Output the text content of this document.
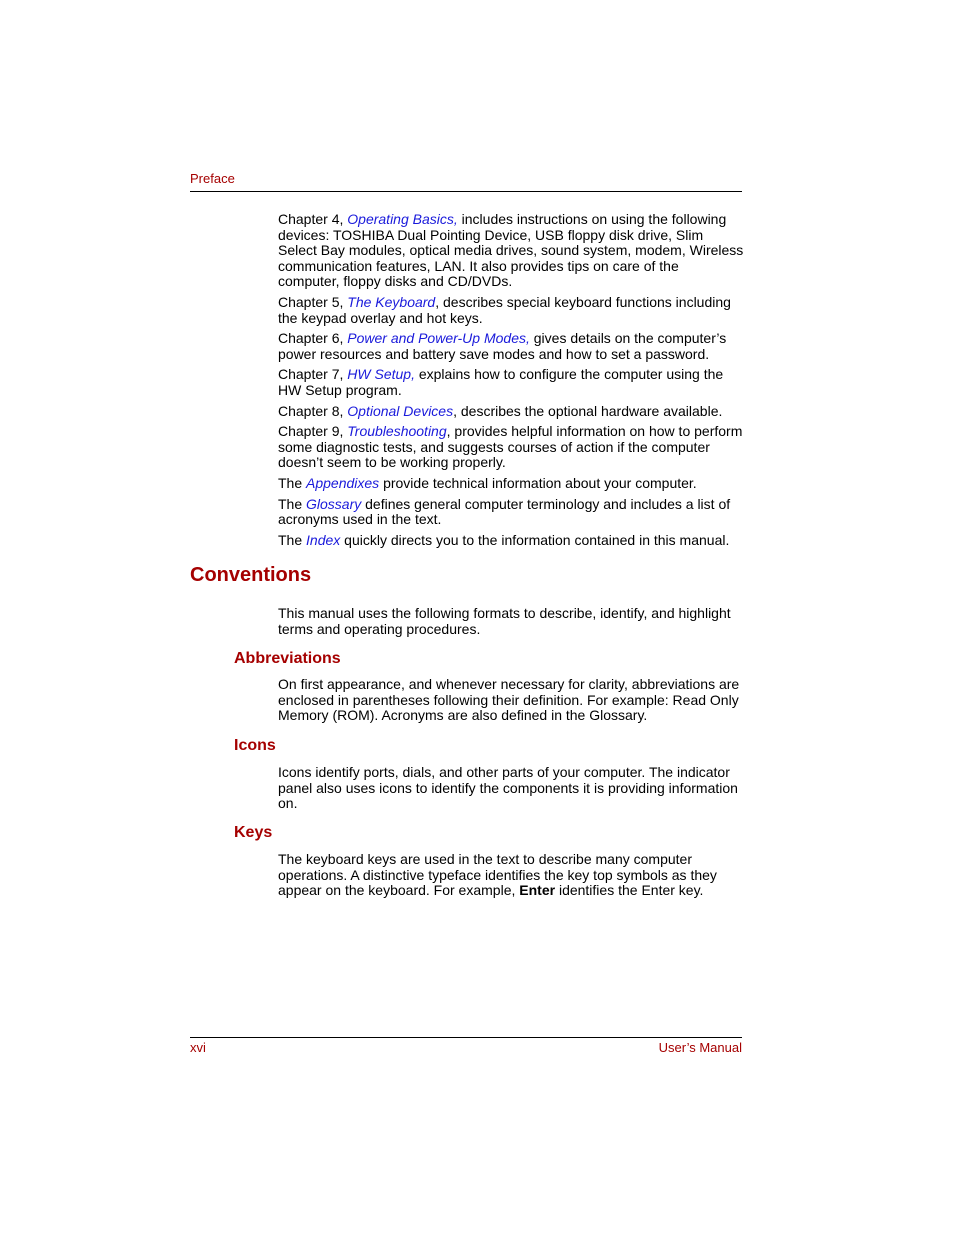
Preface

Chapter 4, Operating Basics, includes instructions on using the following devices: TOSHIBA Dual Pointing Device, USB floppy disk drive, Slim Select Bay modules, optical media drives, sound system, modem, Wireless communication features, LAN. It also provides tips on care of the computer, floppy disks and CD/DVDs.

Chapter 5, The Keyboard, describes special keyboard functions including the keypad overlay and hot keys.

Chapter 6, Power and Power-Up Modes, gives details on the computer’s power resources and battery save modes and how to set a password.

Chapter 7, HW Setup, explains how to configure the computer using the HW Setup program.

Chapter 8, Optional Devices, describes the optional hardware available.

Chapter 9, Troubleshooting, provides helpful information on how to perform some diagnostic tests, and suggests courses of action if the computer doesn’t seem to be working properly.

The Appendixes provide technical information about your computer.

The Glossary defines general computer terminology and includes a list of acronyms used in the text.

The Index quickly directs you to the information contained in this manual.

Conventions

This manual uses the following formats to describe, identify, and highlight terms and operating procedures.

Abbreviations

On first appearance, and whenever necessary for clarity, abbreviations are enclosed in parentheses following their definition. For example: Read Only Memory (ROM). Acronyms are also defined in the Glossary.

Icons

Icons identify ports, dials, and other parts of your computer. The indicator panel also uses icons to identify the components it is providing information on.

Keys

The keyboard keys are used in the text to describe many computer operations. A distinctive typeface identifies the key top symbols as they appear on the keyboard. For example, Enter identifies the Enter key.

xvi	User’s Manual
